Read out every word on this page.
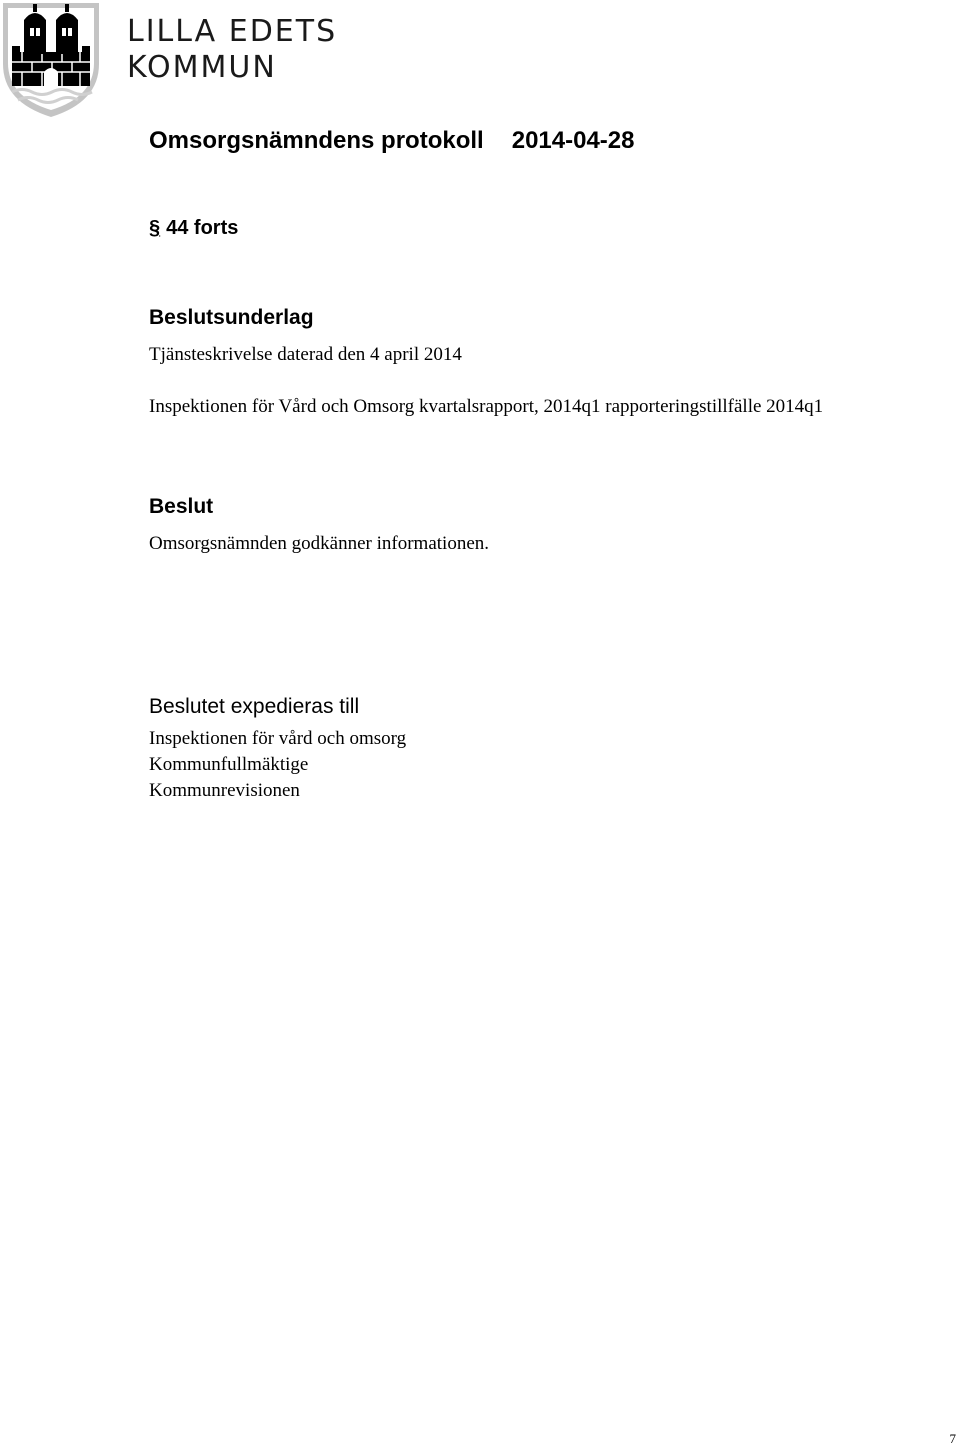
LILLA EDETS
KOMMUN
Omsorgsnämndens protokoll 2014-04-28
§ 44 forts
Beslutsunderlag
Tjänsteskrivelse daterad den 4 april 2014
Inspektionen för Vård och Omsorg kvartalsrapport, 2014q1 rapporteringstillfälle 2014q1
Beslut
Omsorgsnämnden godkänner informationen.
Beslutet expedieras till
Inspektionen för vård och omsorg
Kommunfullmäktige
Kommunrevisionen
7
